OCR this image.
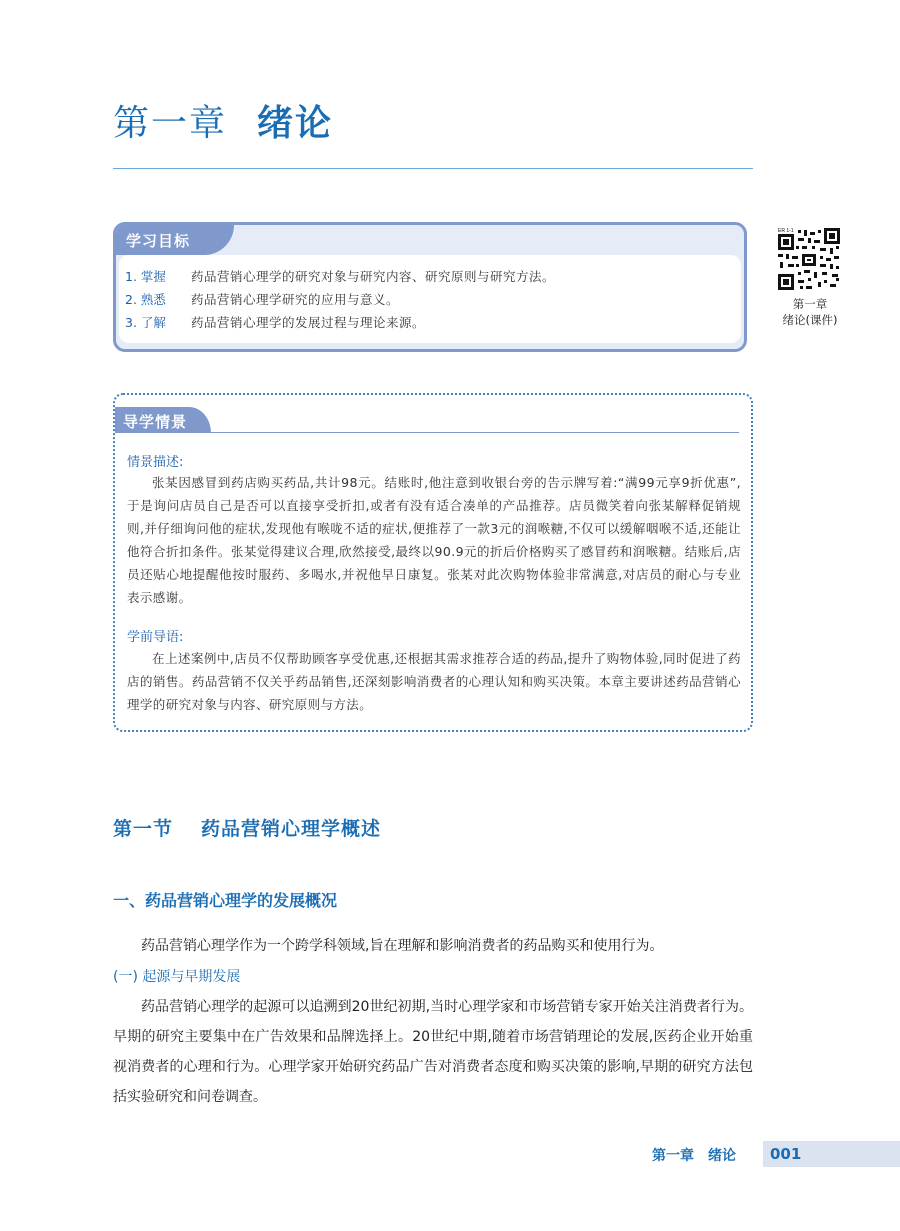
第一章 绪论
学习目标
1. 掌握 药品营销心理学的研究对象与研究内容、研究原则与研究方法。
2. 熟悉 药品营销心理学研究的应用与意义。
3. 了解 药品营销心理学的发展过程与理论来源。
ER 1-1
第一章
绪论(课件)
导学情景
情景描述:
张某因感冒到药店购买药品,共计98元。结账时,他注意到收银台旁的告示牌写着:“满99元享9折优惠”,于是询问店员自己是否可以直接享受折扣,或者有没有适合凑单的产品推荐。店员微笑着向张某解释促销规则,并仔细询问他的症状,发现他有喉咙不适的症状,便推荐了一款3元的润喉糖,不仅可以缓解咽喉不适,还能让他符合折扣条件。张某觉得建议合理,欣然接受,最终以90.9元的折后价格购买了感冒药和润喉糖。结账后,店员还贴心地提醒他按时服药、多喝水,并祝他早日康复。张某对此次购物体验非常满意,对店员的耐心与专业表示感谢。
学前导语:
在上述案例中,店员不仅帮助顾客享受优惠,还根据其需求推荐合适的药品,提升了购物体验,同时促进了药店的销售。药品营销不仅关乎药品销售,还深刻影响消费者的心理认知和购买决策。本章主要讲述药品营销心理学的研究对象与内容、研究原则与方法。
第一节 药品营销心理学概述
一、药品营销心理学的发展概况
药品营销心理学作为一个跨学科领域,旨在理解和影响消费者的药品购买和使用行为。
(一) 起源与早期发展
药品营销心理学的起源可以追溯到20世纪初期,当时心理学家和市场营销专家开始关注消费者行为。早期的研究主要集中在广告效果和品牌选择上。20世纪中期,随着市场营销理论的发展,医药企业开始重视消费者的心理和行为。心理学家开始研究药品广告对消费者态度和购买决策的影响,早期的研究方法包括实验研究和问卷调查。
第一章 绪论 001
